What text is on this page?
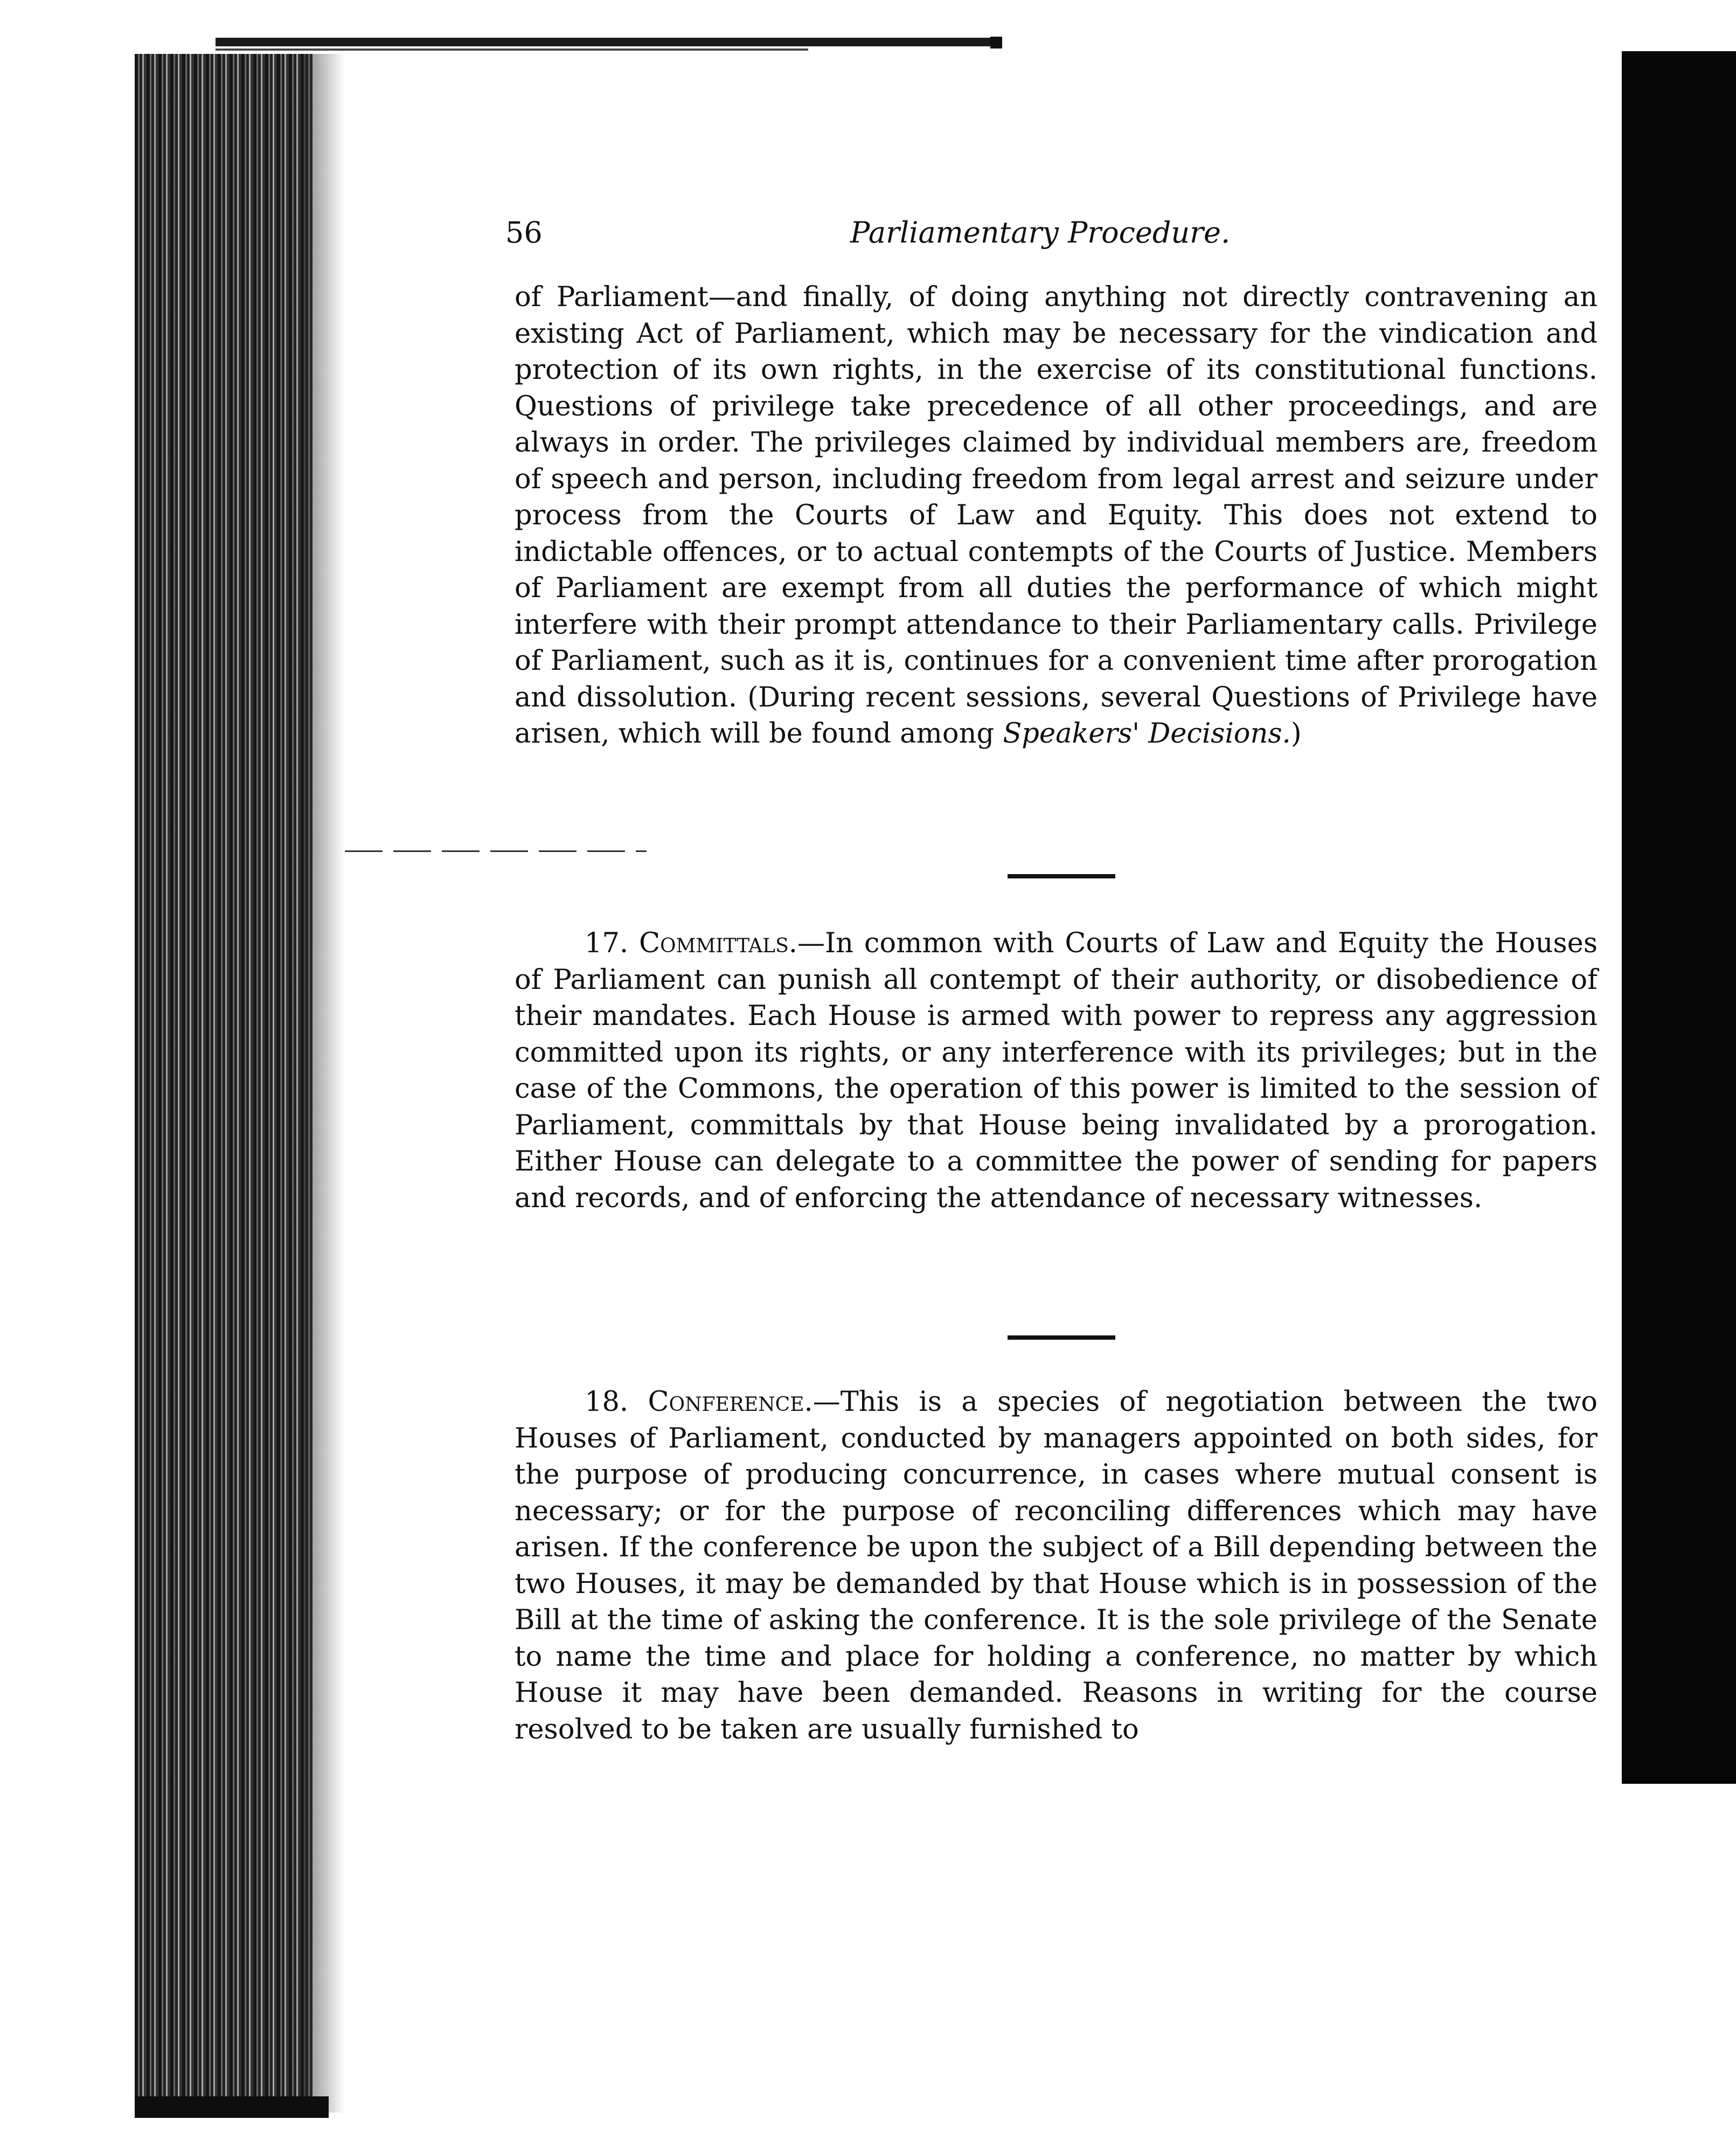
56	Parliamentary Procedure.

of Parliament—and finally, of doing anything not directly contravening an existing Act of Parliament, which may be necessary for the vindication and protection of its own rights, in the exercise of its constitutional functions. Questions of privilege take precedence of all other proceedings, and are always in order. The privileges claimed by individual members are, freedom of speech and person, including freedom from legal arrest and seizure under process from the Courts of Law and Equity. This does not extend to indictable offences, or to actual contempts of the Courts of Justice. Members of Parliament are exempt from all duties the performance of which might interfere with their prompt attendance to their Parliamentary calls. Privilege of Parliament, such as it is, continues for a convenient time after prorogation and dissolution. (During recent sessions, several Questions of Privilege have arisen, which will be found among Speakers' Decisions.)

17. Committals.—In common with Courts of Law and Equity the Houses of Parliament can punish all contempt of their authority, or disobedience of their mandates. Each House is armed with power to repress any aggression committed upon its rights, or any interference with its privileges; but in the case of the Commons, the operation of this power is limited to the session of Parliament, committals by that House being invalidated by a prorogation. Either House can delegate to a committee the power of sending for papers and records, and of enforcing the attendance of necessary witnesses.

18. Conference.—This is a species of negotiation between the two Houses of Parliament, conducted by managers appointed on both sides, for the purpose of producing concurrence, in cases where mutual consent is necessary; or for the purpose of reconciling differences which may have arisen. If the conference be upon the subject of a Bill depending between the two Houses, it may be demanded by that House which is in possession of the Bill at the time of asking the conference. It is the sole privilege of the Senate to name the time and place for holding a conference, no matter by which House it may have been demanded. Reasons in writing for the course resolved to be taken are usually furnished to
